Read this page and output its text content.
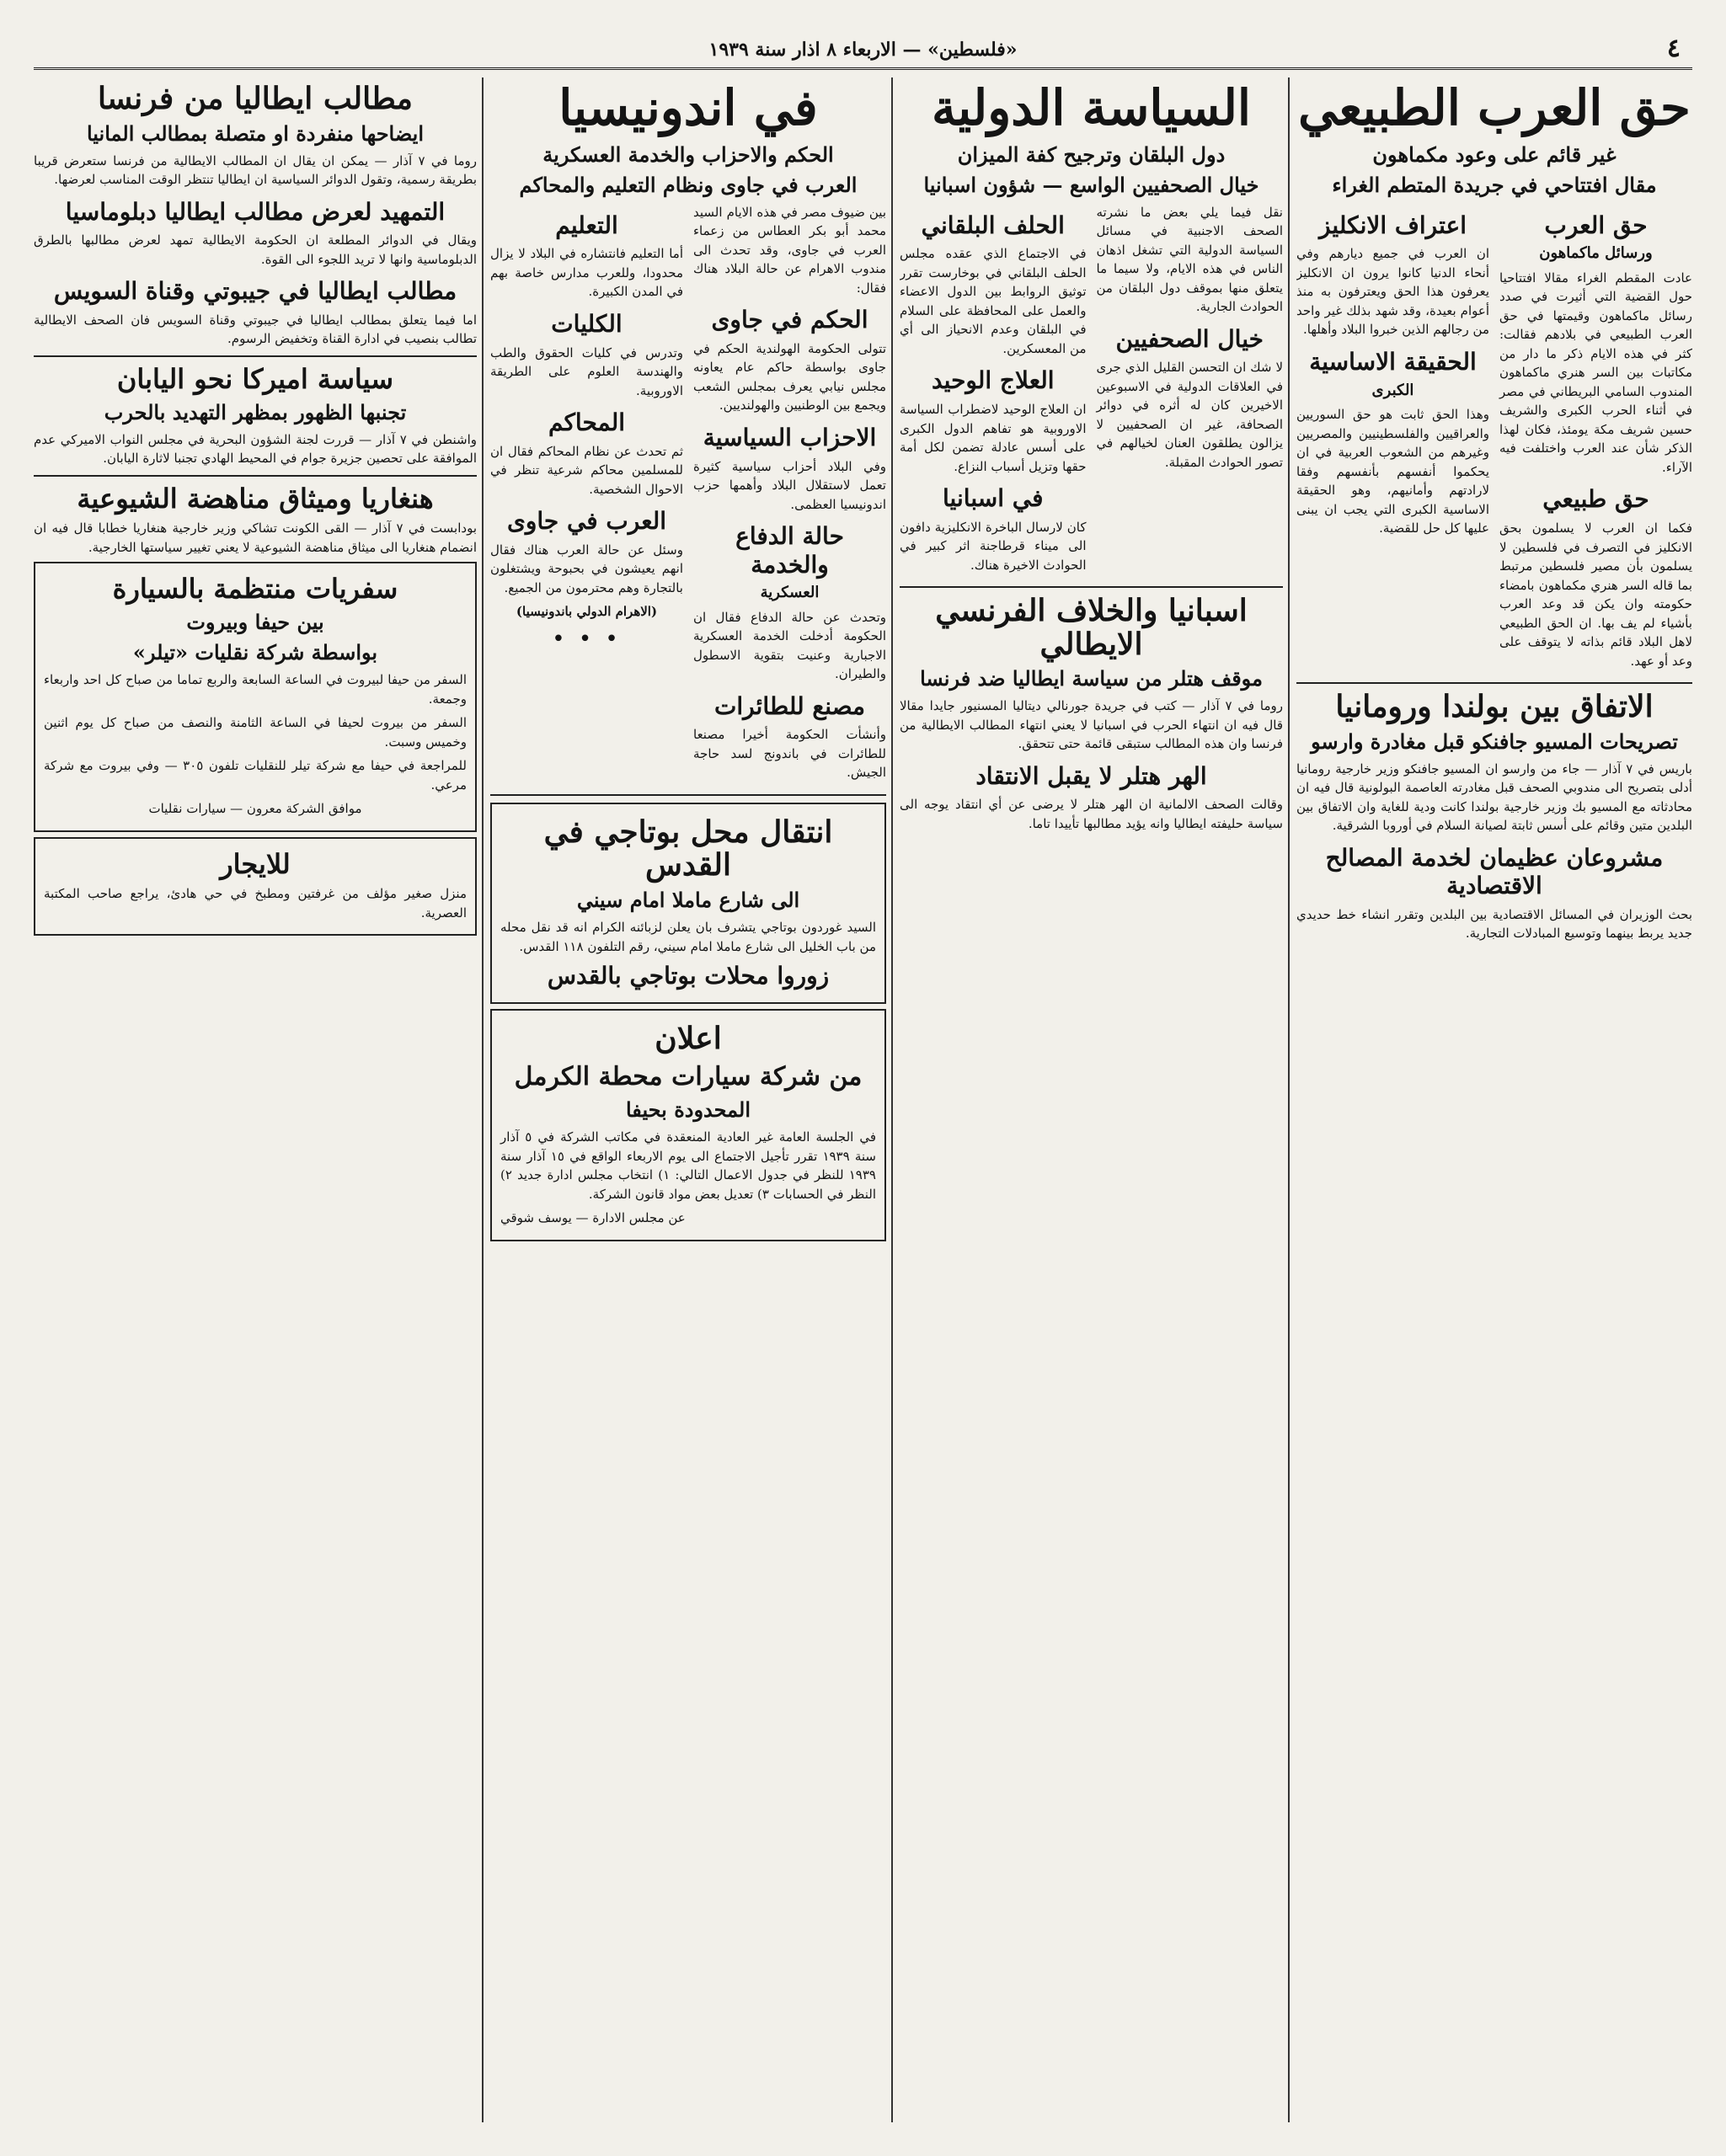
٤
«فلسطين» — الاربعاء ٨ اذار سنة ١٩٣٩
حق العرب الطبيعي
غير قائم على وعود مكماهون
مقال افتتاحي في جريدة المتطم الغراء
حق العرب
ورسائل ماكماهون

عادت المقطم الغراء مقالا افتتاحيا حول القضية التي أثيرت في صدد رسائل ماكماهون وقيمتها في حق العرب الطبيعي في بلادهم فقالت: كثر في هذه الايام ذكر ما دار من مكاتبات بين السر هنري ماكماهون المندوب السامي البريطاني في مصر في أثناء الحرب الكبرى والشريف حسين شريف مكة يومئذ، فكان لهذا الذكر شأن عند العرب واختلفت فيه الآراء.

حق طبيعي

فكما ان العرب لا يسلمون بحق الانكليز في التصرف في فلسطين لا يسلمون بأن مصير فلسطين مرتبط بما قاله السر هنري مكماهون بامضاء حكومته وان يكن قد وعد العرب بأشياء لم يف بها. ان الحق الطبيعي لاهل البلاد قائم بذاته لا يتوقف على وعد أو عهد.

اعتراف الانكليز

ان العرب في جميع ديارهم وفي أنحاء الدنيا كانوا يرون ان الانكليز يعرفون هذا الحق ويعترفون به منذ أعوام بعيدة، وقد شهد بذلك غير واحد من رجالهم الذين خبروا البلاد وأهلها.

الحقيقة الاساسية
الكبرى

وهذا الحق ثابت هو حق السوريين والعراقيين والفلسطينيين والمصريين وغيرهم من الشعوب العربية في ان يحكموا أنفسهم بأنفسهم وفقا لارادتهم وأمانيهم، وهو الحقيقة الاساسية الكبرى التي يجب ان يبنى عليها كل حل للقضية.

الاتفاق بين بولندا ورومانيا
تصريحات المسيو جافنكو قبل مغادرة وارسو

باريس في ٧ آذار — جاء من وارسو ان المسيو جافنكو وزير خارجية رومانيا أدلى بتصريح الى مندوبي الصحف قبل مغادرته العاصمة البولونية قال فيه ان محادثاته مع المسيو بك وزير خارجية بولندا كانت ودية للغاية وان الاتفاق بين البلدين متين وقائم على أسس ثابتة لصيانة السلام في أوروبا الشرقية.

مشروعان عظيمان لخدمة المصالح الاقتصادية

بحث الوزيران في المسائل الاقتصادية بين البلدين وتقرر انشاء خط حديدي جديد يربط بينهما وتوسيع المبادلات التجارية.

السياسة الدولية
دول البلقان وترجيح كفة الميزان
خيال الصحفيين الواسع — شؤون اسبانيا

نقل فيما يلي بعض ما نشرته الصحف الاجنبية في مسائل السياسة الدولية التي تشغل اذهان الناس في هذه الايام، ولا سيما ما يتعلق منها بموقف دول البلقان من الحوادث الجارية.

خيال الصحفيين

لا شك ان التحسن القليل الذي جرى في العلاقات الدولية في الاسبوعين الاخيرين كان له أثره في دوائر الصحافة، غير ان الصحفيين لا يزالون يطلقون العنان لخيالهم في تصور الحوادث المقبلة.

الحلف البلقاني

في الاجتماع الذي عقده مجلس الحلف البلقاني في بوخارست تقرر توثيق الروابط بين الدول الاعضاء والعمل على المحافظة على السلام في البلقان وعدم الانحياز الى أي من المعسكرين.

العلاج الوحيد

ان العلاج الوحيد لاضطراب السياسة الاوروبية هو تفاهم الدول الكبرى على أسس عادلة تضمن لكل أمة حقها وتزيل أسباب النزاع.

في اسبانيا

كان لارسال الباخرة الانكليزية دافون الى ميناء قرطاجنة اثر كبير في الحوادث الاخيرة هناك.

اسبانيا والخلاف الفرنسي الايطالي
موقف هتلر من سياسة ايطاليا ضد فرنسا

روما في ٧ آذار — كتب في جريدة جورنالي ديتاليا المسنيور جايدا مقالا قال فيه ان انتهاء الحرب في اسبانيا لا يعني انتهاء المطالب الايطالية من فرنسا وان هذه المطالب ستبقى قائمة حتى تتحقق.

الهر هتلر لا يقبل الانتقاد

وقالت الصحف الالمانية ان الهر هتلر لا يرضى عن أي انتقاد يوجه الى سياسة حليفته ايطاليا وانه يؤيد مطالبها تأييدا تاما.

في اندونيسيا
الحكم والاحزاب والخدمة العسكرية
العرب في جاوى ونظام التعليم والمحاكم

بين ضيوف مصر في هذه الايام السيد محمد أبو بكر العطاس من زعماء العرب في جاوى، وقد تحدث الى مندوب الاهرام عن حالة البلاد هناك فقال:

الحكم في جاوى

تتولى الحكومة الهولندية الحكم في جاوى بواسطة حاكم عام يعاونه مجلس نيابي يعرف بمجلس الشعب ويجمع بين الوطنيين والهولنديين.

الاحزاب السياسية

وفي البلاد أحزاب سياسية كثيرة تعمل لاستقلال البلاد وأهمها حزب اندونيسيا العظمى.

حالة الدفاع والخدمة
العسكرية

وتحدث عن حالة الدفاع فقال ان الحكومة أدخلت الخدمة العسكرية الاجبارية وعنيت بتقوية الاسطول والطيران.

مصنع للطائرات

وأنشأت الحكومة أخيرا مصنعا للطائرات في باندونج لسد حاجة الجيش.

التعليم

أما التعليم فانتشاره في البلاد لا يزال محدودا، وللعرب مدارس خاصة بهم في المدن الكبيرة.

الكليات

وتدرس في كليات الحقوق والطب والهندسة العلوم على الطريقة الاوروبية.

المحاكم

ثم تحدث عن نظام المحاكم فقال ان للمسلمين محاكم شرعية تنظر في الاحوال الشخصية.

العرب في جاوى

وسئل عن حالة العرب هناك فقال انهم يعيشون في بحبوحة ويشتغلون بالتجارة وهم محترمون من الجميع.

(الاهرام الدولي باندونيسيا)

• • •
انتقال محل بوتاجي في القدس
الى شارع ماملا امام سيني

السيد غوردون بوتاجي يتشرف بان يعلن لزبائنه الكرام انه قد نقل محله من باب الخليل الى شارع ماملا امام سيني، رقم التلفون ١١٨ القدس.

زوروا محلات بوتاجي بالقدس
اعلان
من شركة سيارات محطة الكرمل
المحدودة بحيفا

في الجلسة العامة غير العادية المنعقدة في مكاتب الشركة في ٥ آذار سنة ١٩٣٩ تقرر تأجيل الاجتماع الى يوم الاربعاء الواقع في ١٥ آذار سنة ١٩٣٩ للنظر في جدول الاعمال التالي: ١) انتخاب مجلس ادارة جديد ٢) النظر في الحسابات ٣) تعديل بعض مواد قانون الشركة.

عن مجلس الادارة — يوسف شوقي

مطالب ايطاليا من فرنسا
ايضاحها منفردة او متصلة بمطالب المانيا

روما في ٧ آذار — يمكن ان يقال ان المطالب الايطالية من فرنسا ستعرض قريبا بطريقة رسمية، وتقول الدوائر السياسية ان ايطاليا تنتظر الوقت المناسب لعرضها.

التمهيد لعرض مطالب ايطاليا دبلوماسيا

ويقال في الدوائر المطلعة ان الحكومة الايطالية تمهد لعرض مطالبها بالطرق الدبلوماسية وانها لا تريد اللجوء الى القوة.

مطالب ايطاليا في جيبوتي وقناة السويس

اما فيما يتعلق بمطالب ايطاليا في جيبوتي وقناة السويس فان الصحف الايطالية تطالب بنصيب في ادارة القناة وتخفيض الرسوم.

سياسة اميركا نحو اليابان
تجنبها الظهور بمظهر التهديد بالحرب

واشنطن في ٧ آذار — قررت لجنة الشؤون البحرية في مجلس النواب الاميركي عدم الموافقة على تحصين جزيرة جوام في المحيط الهادي تجنبا لاثارة اليابان.

هنغاريا وميثاق مناهضة الشيوعية

بودابست في ٧ آذار — القى الكونت تشاكي وزير خارجية هنغاريا خطابا قال فيه ان انضمام هنغاريا الى ميثاق مناهضة الشيوعية لا يعني تغيير سياستها الخارجية.

سفريات منتظمة بالسيارة
بين حيفا وبيروت
بواسطة شركة نقليات «تيلر»

السفر من حيفا لبيروت في الساعة السابعة والربع تماما من صباح كل احد واربعاء وجمعة.

السفر من بيروت لحيفا في الساعة الثامنة والنصف من صباح كل يوم اثنين وخميس وسبت.

للمراجعة في حيفا مع شركة تيلر للنقليات تلفون ٣٠٥ — وفي بيروت مع شركة مرعي.

موافق الشركة معرون — سيارات نقليات

للايجار

منزل صغير مؤلف من غرفتين ومطبخ في حي هادئ، يراجع صاحب المكتبة العصرية.
